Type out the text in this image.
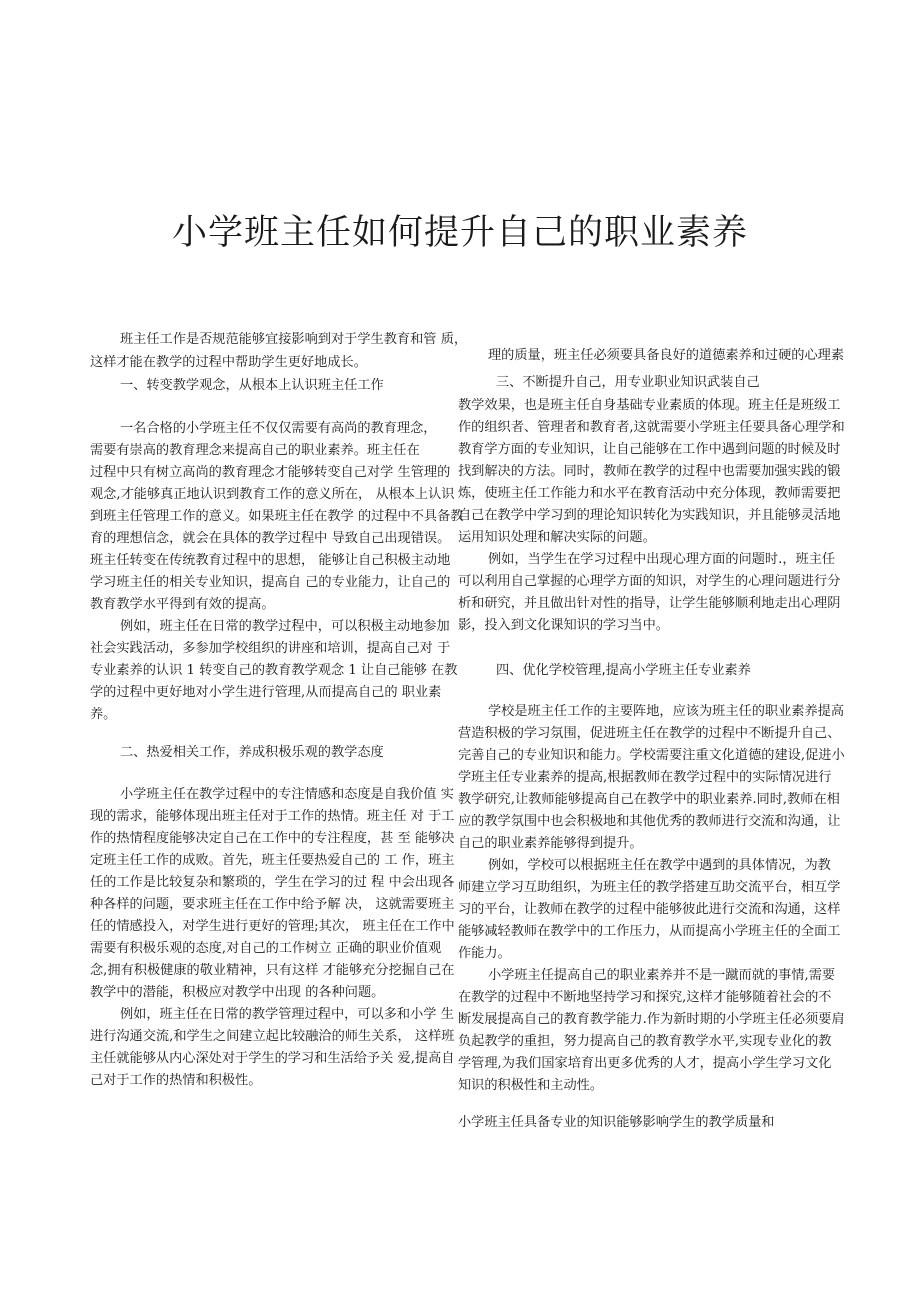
小学班主任如何提升自己的职业素养
班主任工作是否规范能够宜接影响到对于学生教育和管 质，
这样才能在教学的过程中帮助学生更好地成长。
一、转变教学观念，从根本上认识班主任工作
一名合格的小学班主任不仅仅需要有高尚的教育理念，
需要有崇高的教育理念来提高自己的职业素养。班主任在
过程中只有树立高尚的教育理念才能够转变自己对学 生管理的
观念,才能够真正地认识到教育工作的意义所在， 从根本上认识
到班主任管理工作的意义。如果班主任在教学 的过程中不具备教
育的理想信念，就会在具体的教学过程中 导致自己出现错误。
班主任转变在传统教育过程中的思想， 能够让自己积极主动地
学习班主任的相关专业知识，提高自 己的专业能力，让自己的
教育教学水平得到有效的提高。
例如，班主任在日常的教学过程中，可以积极主动地参加
社会实践活动，多参加学校组织的讲座和培训，提高自己对 于
专业素养的认识 1 转变自己的教育教学观念 1 让自己能够 在教
学的过程中更好地对小学生进行管理,从而提高自己的 职业素
养。
二、热爱相关工作，养成积极乐观的教学态度
小学班主任在教学过程中的专注情感和态度是自我价值 实
现的需求，能够体现出班主任对于工作的热情。班主任 对 于工
作的热情程度能够决定自己在工作中的专注程度，甚 至 能够决
定班主任工作的成败。首先，班主任要热爱自己的 工 作，班主
任的工作是比较复杂和繁琐的，学生在学习的过 程 中会出现各
种各样的问题，要求班主任在工作中给予解 决， 这就需要班主
任的情感投入，对学生进行更好的管理;其次， 班主任在工作中
需要有积极乐观的态度,对自己的工作树立 正确的职业价值观
念,拥有积极健康的敬业精神，只有这样 才能够充分挖掘自己在
教学中的潜能，积极应对教学中出现 的各种问题。
例如，班主任在日常的教学管理过程中，可以多和小学 生
进行沟通交流,和学生之间建立起比较融洽的师生关系， 这样班
主任就能够从内心深处对于学生的学习和生活给予关 爱,提高自
己对于工作的热情和积极性。
理的质量，班主任必须要具备良好的道德素养和过硬的心理素
三、不断提升自己，用专业职业知识武装自己
教学效果，也是班主任自身基础专业素质的体现。班主任是班级工
作的组织者、管理者和教育者,这就需要小学班主任要具备心理学和
教育学方面的专业知识，让自己能够在工作中遇到问题的时候及时
找到解决的方法。同时，教师在教学的过程中也需要加强实践的锻
炼，使班主任工作能力和水平在教育活动中充分体现，教师需要把
自己在教学中学习到的理论知识转化为实践知识，并且能够灵活地
运用知识处理和解决实际的问题。
例如，当学生在学习过程中出现心理方面的问题时.，班主任
可以利用自己掌握的心理学方面的知识，对学生的心理问题进行分
析和研究，并且做出针对性的指导，让学生能够顺利地走出心理阴
影，投入到文化课知识的学习当中。
四、优化学校管理,提高小学班主任专业素养
学校是班主任工作的主要阵地，应该为班主任的职业素养提高
营造积极的学习氛围，促进班主任在教学的过程中不断提升自己、
完善自己的专业知识和能力。学校需要注重文化道德的建设,促进小
学班主任专业素养的提高,根据教师在教学过程中的实际情况进行
教学研究,让教师能够提高自己在教学中的职业素养.同时,教师在相
应的教学氛围中也会积极地和其他优秀的教师进行交流和沟通，让
自己的职业素养能够得到提升。
例如，学校可以根据班主任在教学中遇到的具体情况，为教
师建立学习互助组织，为班主任的教学搭建互助交流平台，相互学
习的平台，让教师在教学的过程中能够彼此进行交流和沟通，这样
能够减轻教师在教学中的工作压力，从而提高小学班主任的全面工
作能力。
小学班主任提高自己的职业素养并不是一蹴而就的事情,需要
在教学的过程中不断地坚持学习和探究,这样才能够随着社会的不
断发展提高自己的教育教学能力.作为新时期的小学班主任必须要肩
负起教学的重担，努力提高自己的教育教学水平,实现专业化的教
学管理,为我们国家培育出更多优秀的人才，提高小学生学习文化
知识的积极性和主动性。
小学班主任具备专业的知识能够影响学生的教学质量和
